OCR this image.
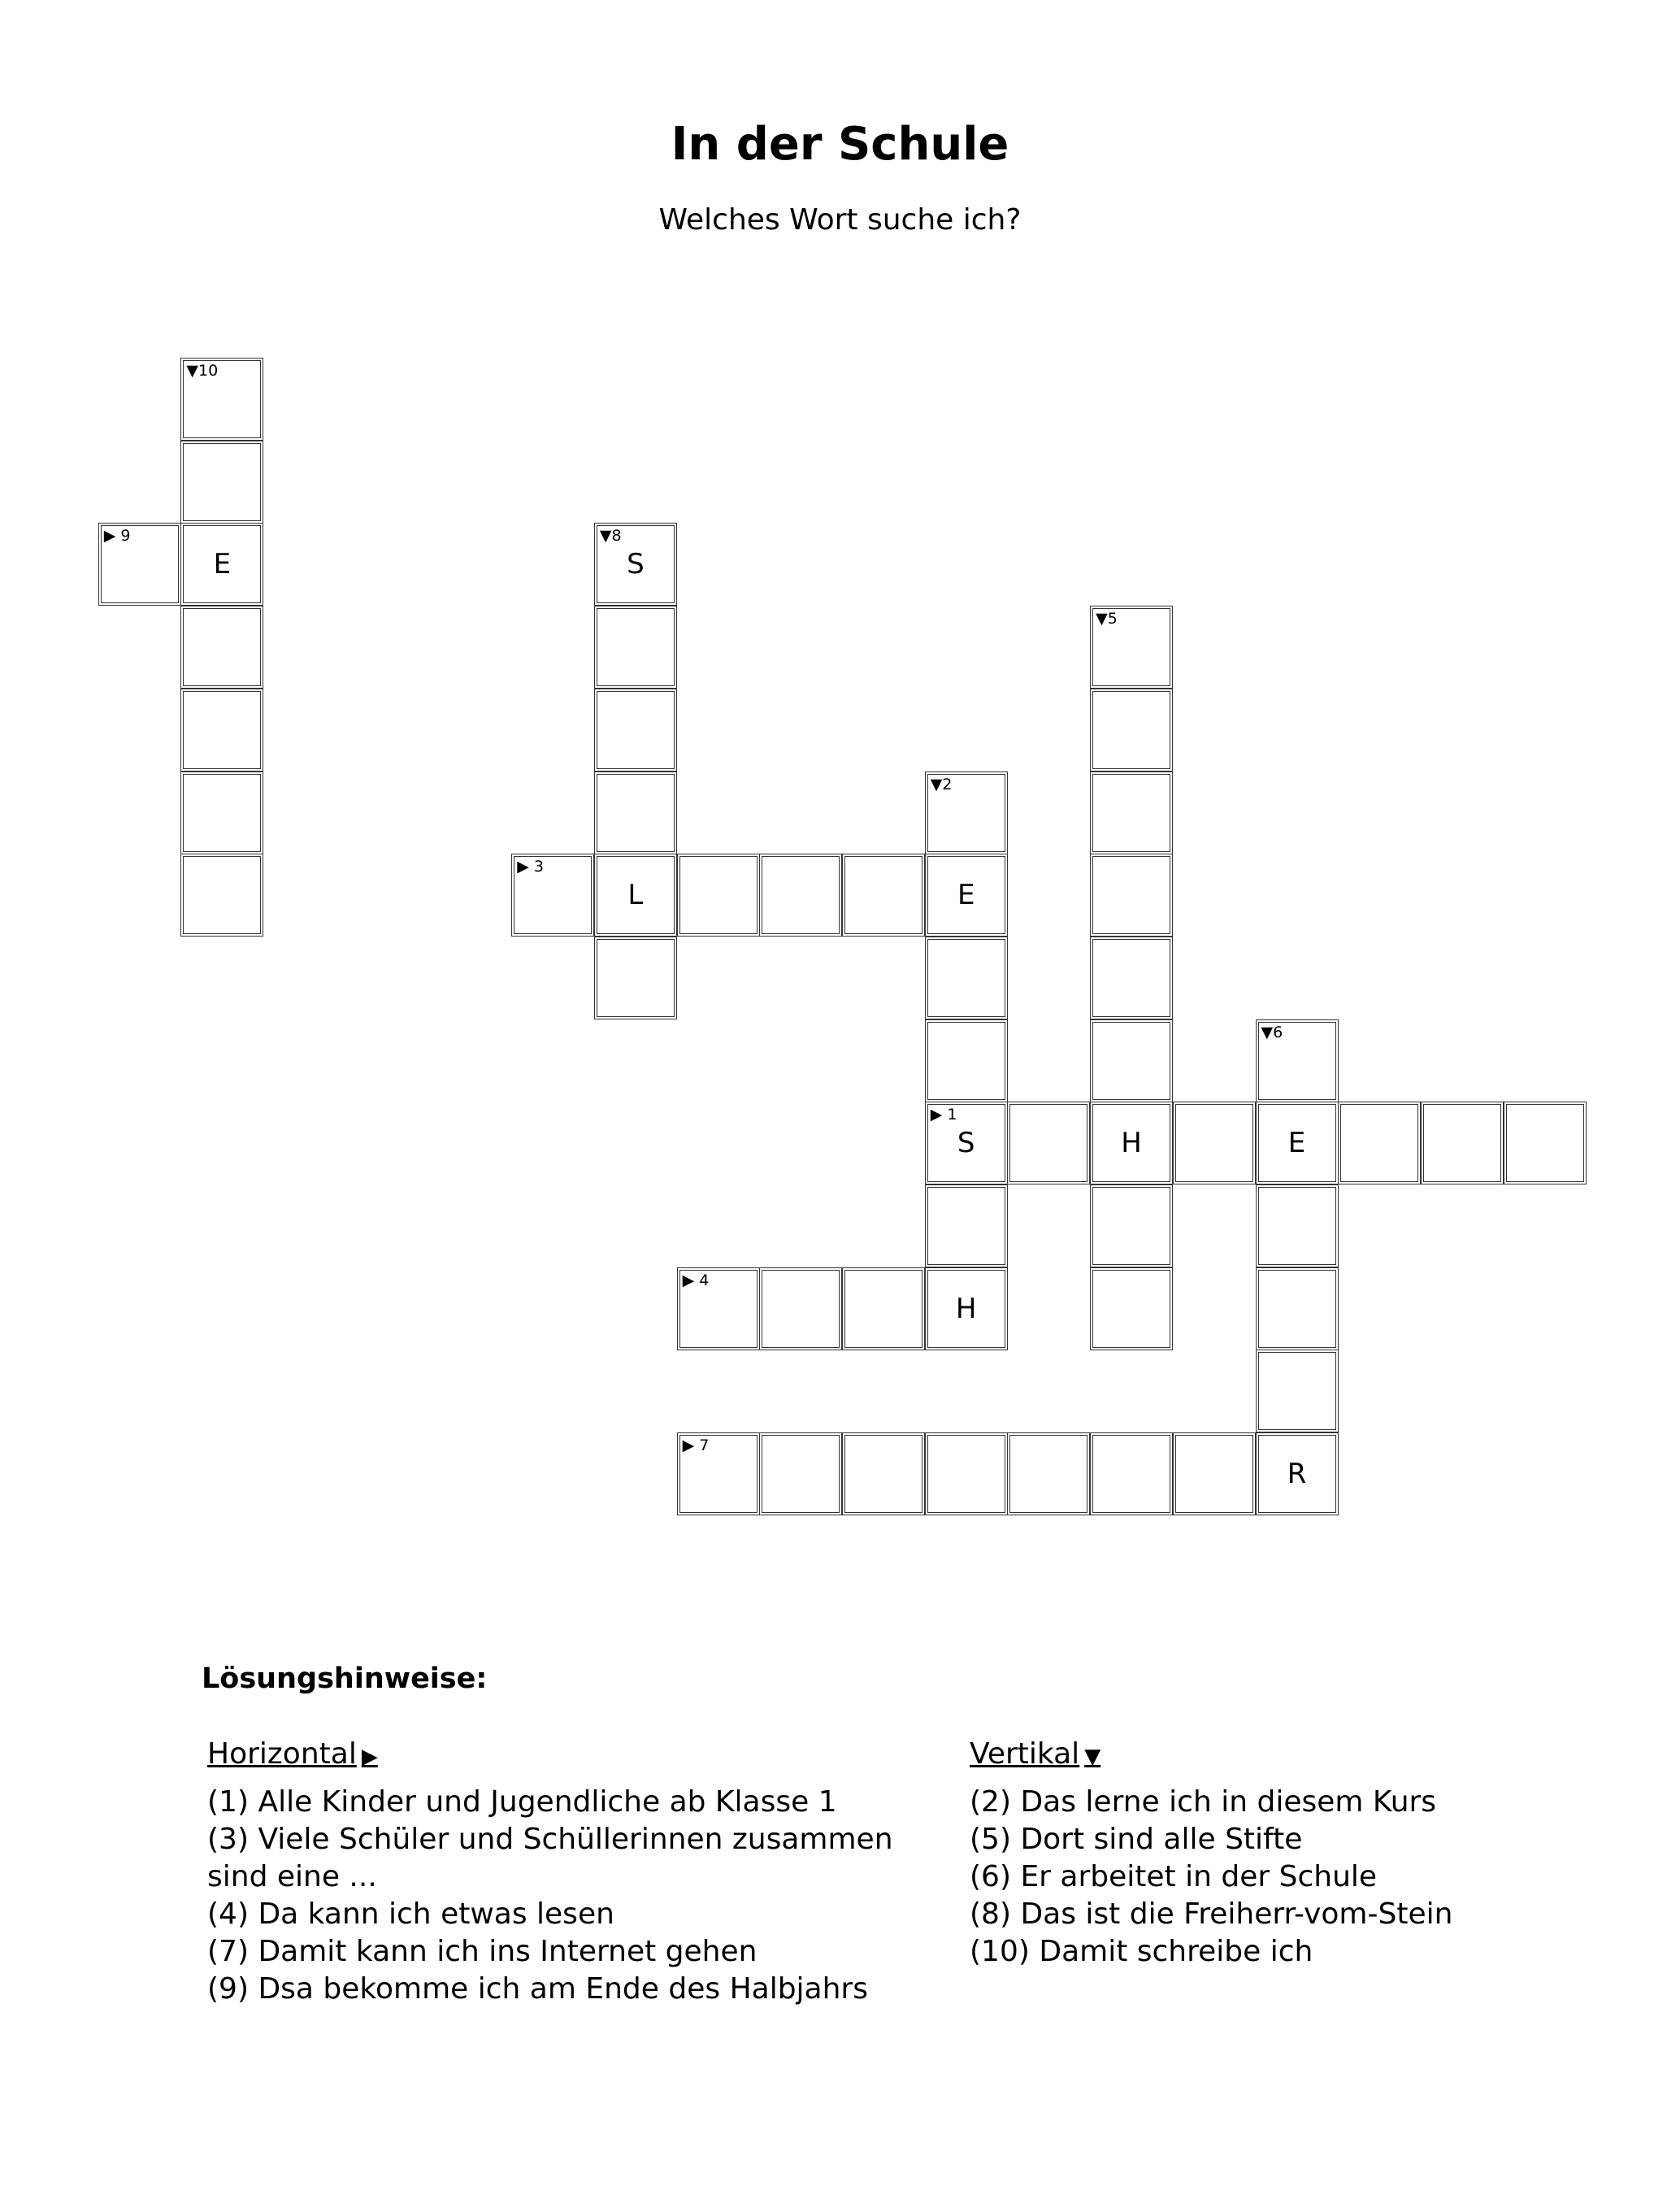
In der Schule
Welches Wort suche ich?
▼10
▶ 9
E	S
▼8
▶ 3
L
▼5
H
▼2
E
S
▶ 1
H
E
▼6
R
▶ 4
▶ 7
Lösungshinweise:
Horizontal ▶
(1) Alle Kinder und Jugendliche ab Klasse 1
(3) Viele Schüler und Schüllerinnen zusammen sind eine ...
(4) Da kann ich etwas lesen
(7) Damit kann ich ins Internet gehen
(9) Dsa bekomme ich am Ende des Halbjahrs
Vertikal ▼
(2) Das lerne ich in diesem Kurs
(5) Dort sind alle Stifte
(6) Er arbeitet in der Schule
(8) Das ist die Freiherr-vom-Stein
(10) Damit schreibe ich
